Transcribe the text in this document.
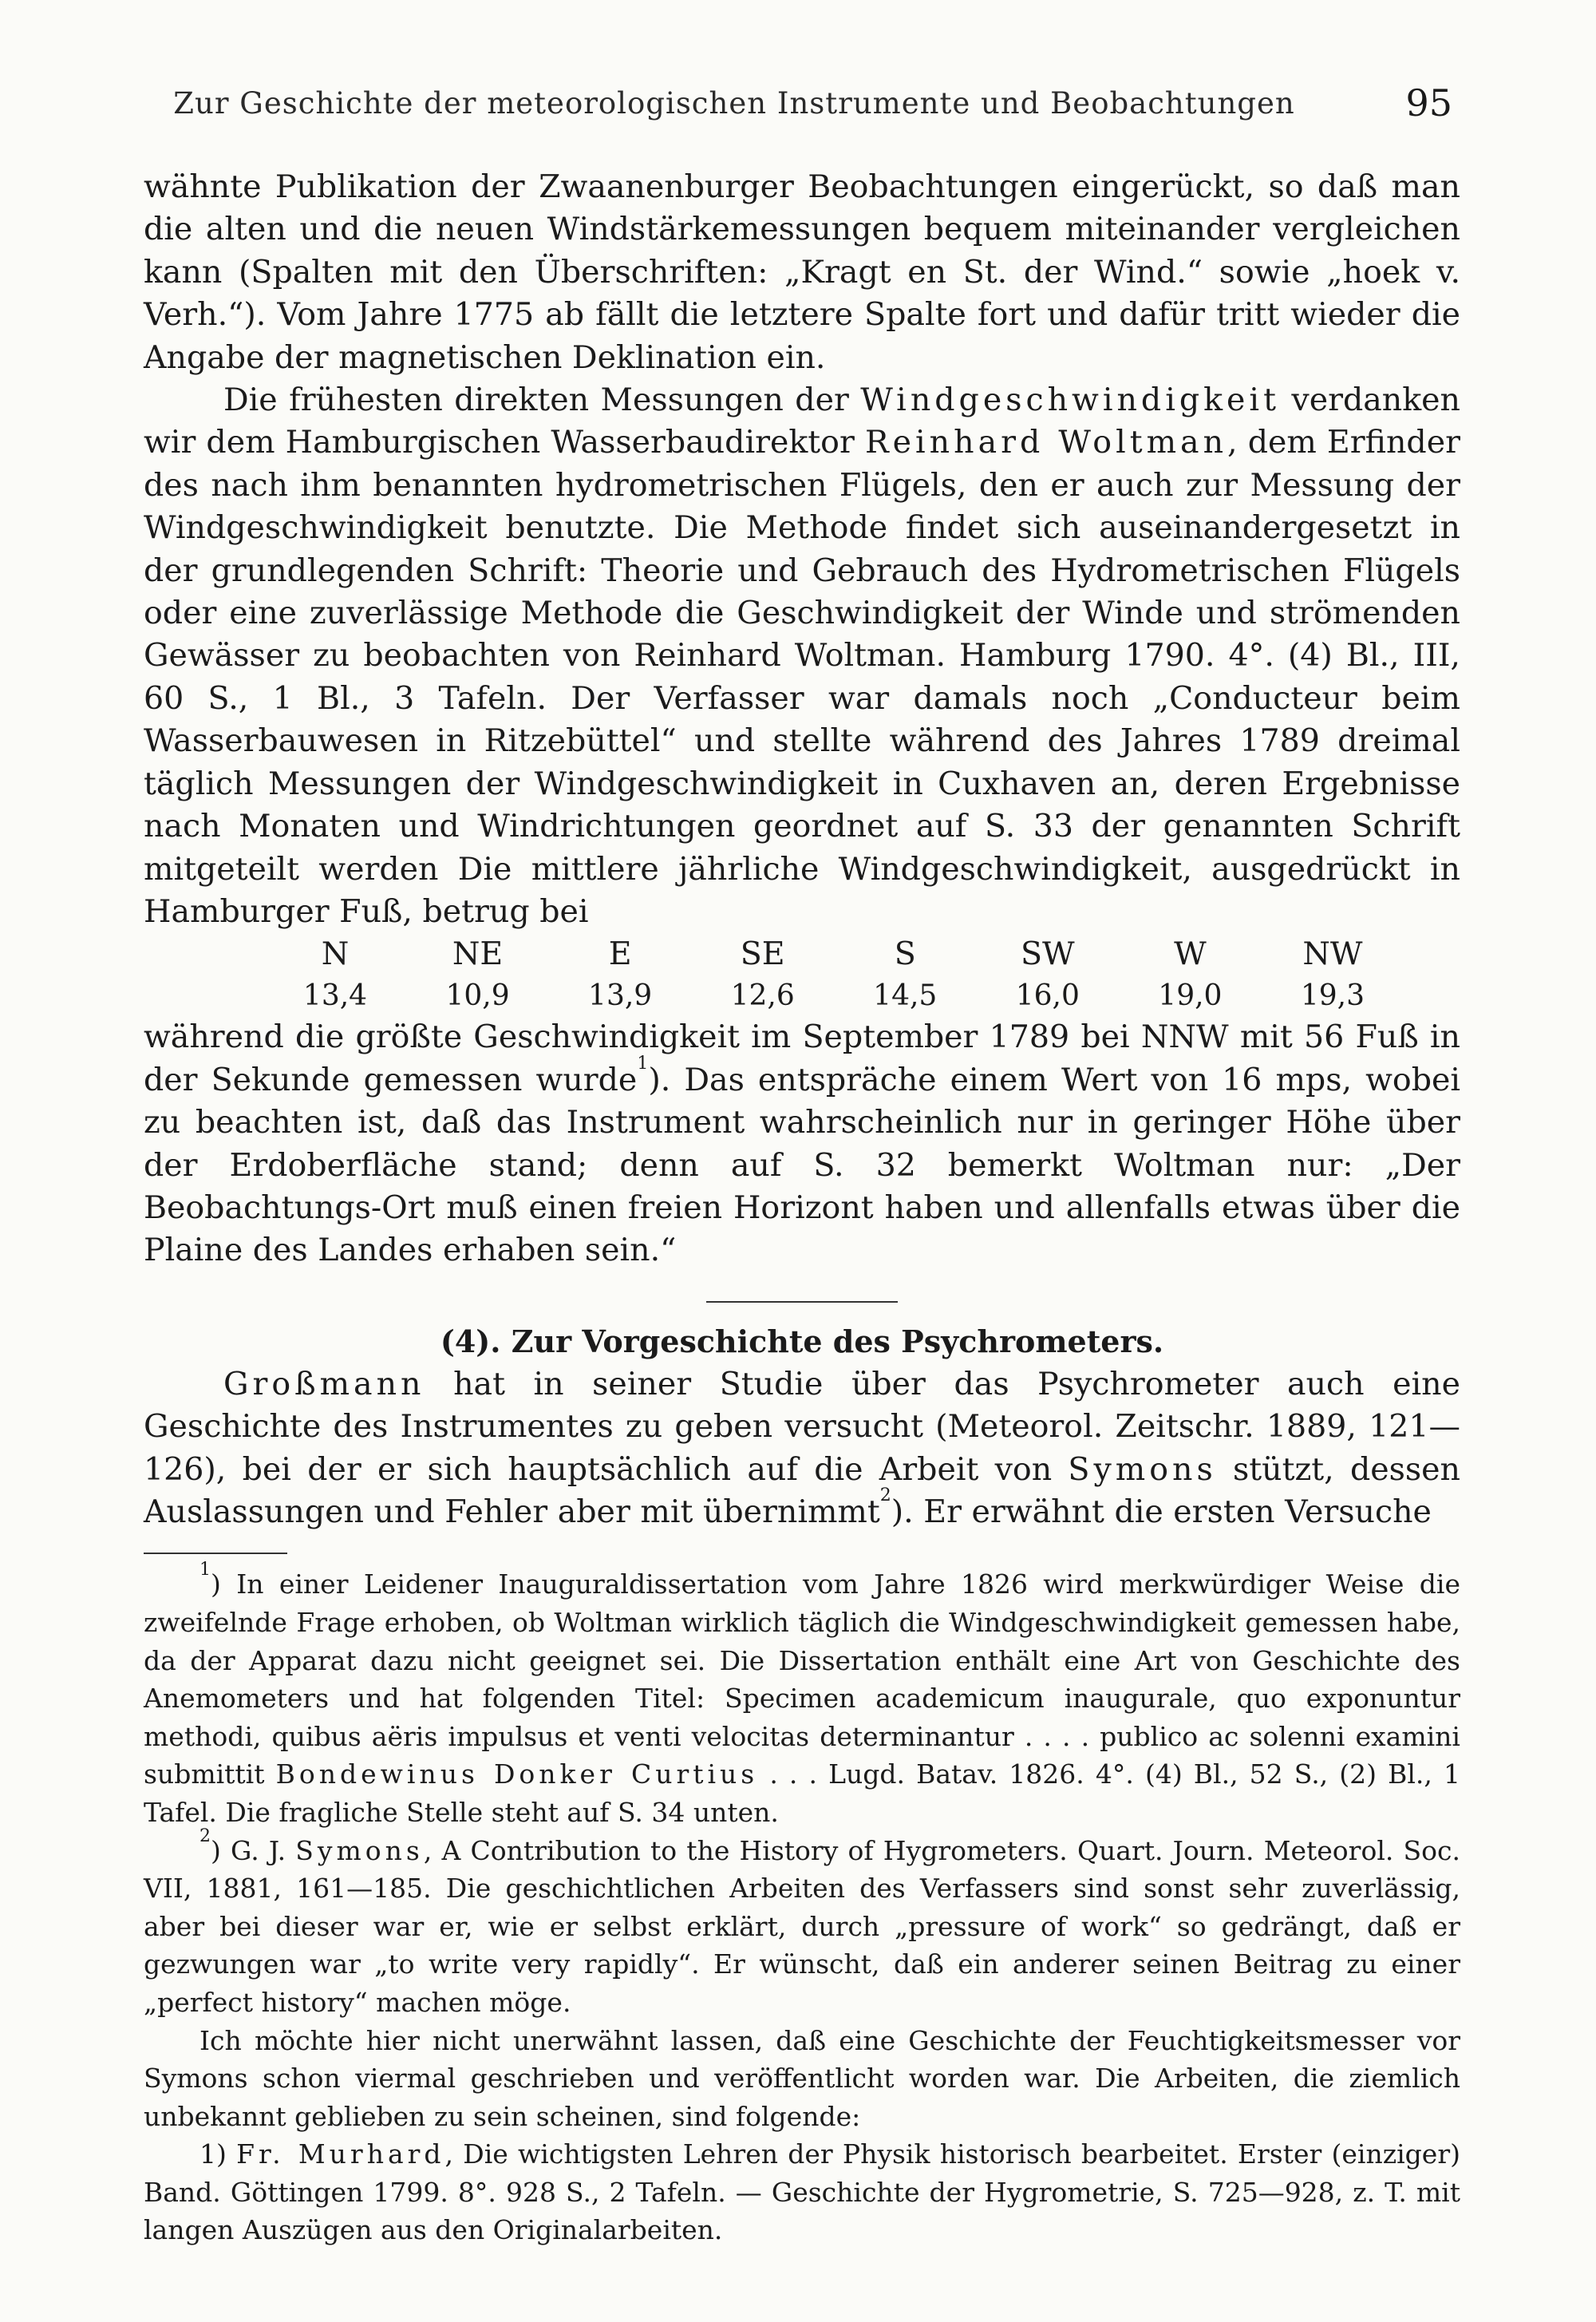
Zur Geschichte der meteorologischen Instrumente und Beobachtungen	95

wähnte Publikation der Zwaanenburger Beobachtungen eingerückt, so daß man die alten und die neuen Windstärkemessungen bequem miteinander vergleichen kann (Spalten mit den Überschriften: „Kragt en St. der Wind.“ sowie „hoek v. Verh.“). Vom Jahre 1775 ab fällt die letztere Spalte fort und dafür tritt wieder die Angabe der magnetischen Deklination ein.

Die frühesten direkten Messungen der Windgeschwindigkeit verdanken wir dem Hamburgischen Wasserbaudirektor Reinhard Woltman, dem Erfinder des nach ihm benannten hydrometrischen Flügels, den er auch zur Messung der Windgeschwindigkeit benutzte. Die Methode findet sich auseinandergesetzt in der grundlegenden Schrift: Theorie und Gebrauch des Hydrometrischen Flügels oder eine zuverlässige Methode die Geschwindigkeit der Winde und strömenden Gewässer zu beobachten von Reinhard Woltman. Hamburg 1790. 4°. (4) Bl., III, 60 S., 1 Bl., 3 Tafeln. Der Verfasser war damals noch „Conducteur beim Wasserbauwesen in Ritzebüttel“ und stellte während des Jahres 1789 dreimal täglich Messungen der Windgeschwindigkeit in Cuxhaven an, deren Ergebnisse nach Monaten und Windrichtungen geordnet auf S. 33 der genannten Schrift mitgeteilt werden Die mittlere jährliche Windgeschwindigkeit, ausgedrückt in Hamburger Fuß, betrug bei

N	NE	E	SE	S	SW	W	NW
13,4	10,9	13,9	12,6	14,5	16,0	19,0	19,3

während die größte Geschwindigkeit im September 1789 bei NNW mit 56 Fuß in der Sekunde gemessen wurde$^1$). Das entspräche einem Wert von 16 mps, wobei zu beachten ist, daß das Instrument wahrscheinlich nur in geringer Höhe über der Erdoberfläche stand; denn auf S. 32 bemerkt Woltman nur: „Der Beobachtungs-Ort muß einen freien Horizont haben und allenfalls etwas über die Plaine des Landes erhaben sein.“

(4). Zur Vorgeschichte des Psychrometers.

Großmann hat in seiner Studie über das Psychrometer auch eine Geschichte des Instrumentes zu geben versucht (Meteorol. Zeitschr. 1889, 121—126), bei der er sich hauptsächlich auf die Arbeit von Symons stützt, dessen Auslassungen und Fehler aber mit übernimmt$^2$). Er erwähnt die ersten Versuche

$^1$) In einer Leidener Inauguraldissertation vom Jahre 1826 wird merkwürdiger Weise die zweifelnde Frage erhoben, ob Woltman wirklich täglich die Windgeschwindigkeit gemessen habe, da der Apparat dazu nicht geeignet sei. Die Dissertation enthält eine Art von Geschichte des Anemometers und hat folgenden Titel: Specimen academicum inaugurale, quo exponuntur methodi, quibus aëris impulsus et venti velocitas determinantur . . . . publico ac solenni examini submittit Bondewinus Donker Curtius . . . Lugd. Batav. 1826. 4°. (4) Bl., 52 S., (2) Bl., 1 Tafel. Die fragliche Stelle steht auf S. 34 unten.

$^2$) G. J. Symons, A Contribution to the History of Hygrometers. Quart. Journ. Meteorol. Soc. VII, 1881, 161—185. Die geschichtlichen Arbeiten des Verfassers sind sonst sehr zuverlässig, aber bei dieser war er, wie er selbst erklärt, durch „pressure of work“ so gedrängt, daß er gezwungen war „to write very rapidly“. Er wünscht, daß ein anderer seinen Beitrag zu einer „perfect history“ machen möge.

Ich möchte hier nicht unerwähnt lassen, daß eine Geschichte der Feuchtigkeitsmesser vor Symons schon viermal geschrieben und veröffentlicht worden war. Die Arbeiten, die ziemlich unbekannt geblieben zu sein scheinen, sind folgende:

1) Fr. Murhard, Die wichtigsten Lehren der Physik historisch bearbeitet. Erster (einziger) Band. Göttingen 1799. 8°. 928 S., 2 Tafeln. — Geschichte der Hygrometrie, S. 725—928, z. T. mit langen Auszügen aus den Originalarbeiten.
